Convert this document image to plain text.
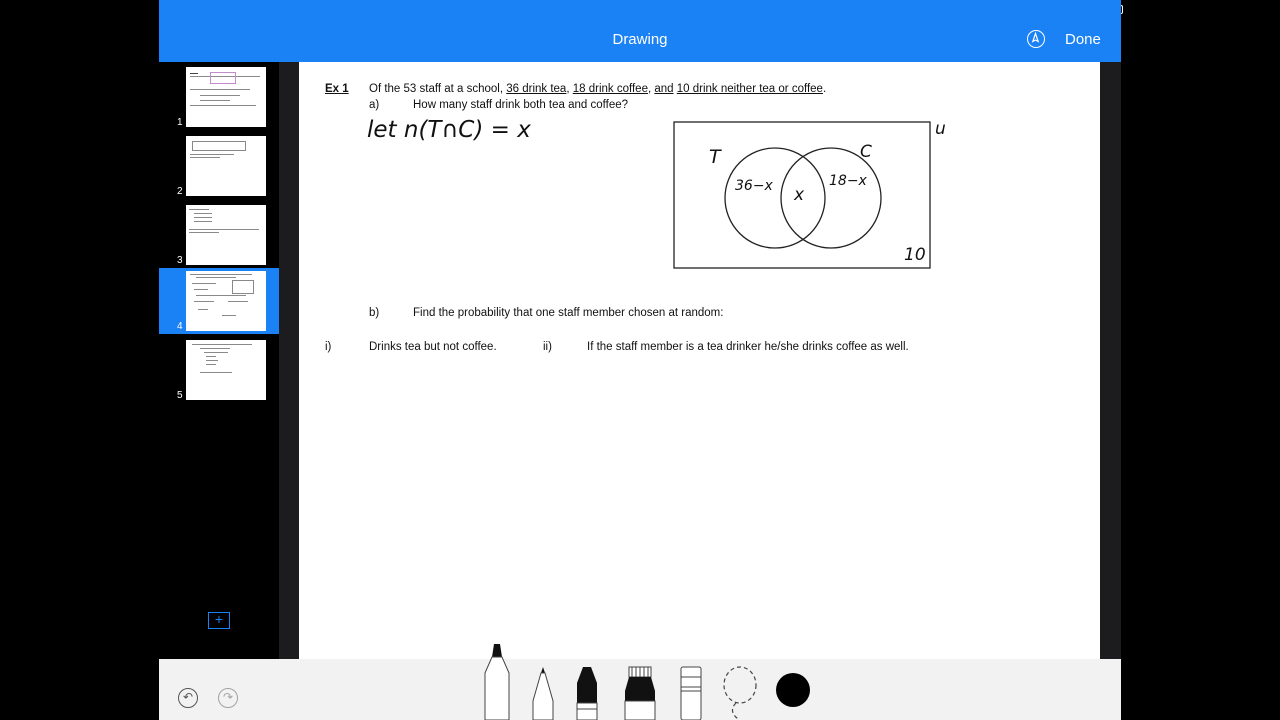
Drawing	Done
1
2
3
4
5
+
Ex 1 Of the 53 staff at a school, 36 drink tea, 18 drink coffee, and 10 drink neither tea or coffee.
a)	How many staff drink both tea and coffee?
let n(T∩C) = x	u
T	C
36−x x
18−x
10
b)	Find the probability that one staff member chosen at random:
i)	Drinks tea but not coffee.	ii)	If the staff member is a tea drinker he/she drinks coffee as well.
↶	↷
